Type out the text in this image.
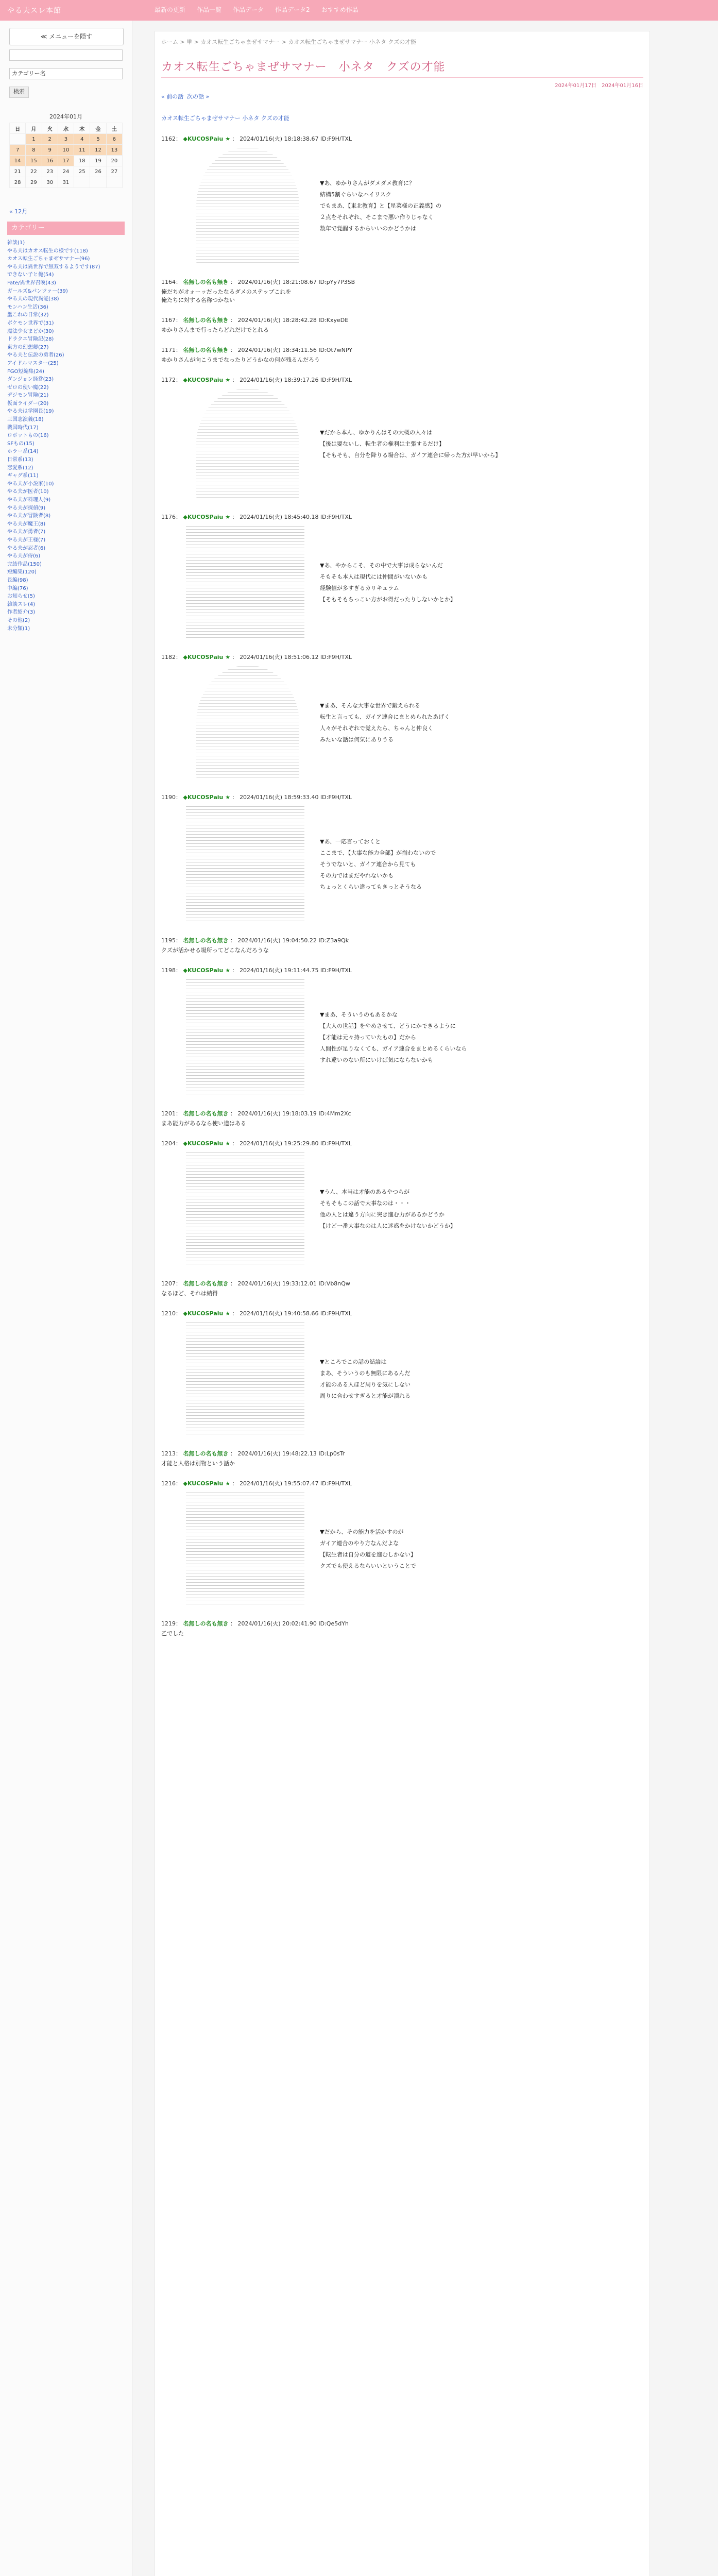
やる夫スレ本館	最新の更新 作品一覧 作品データ 作品データ2 おすすめ作品
≪ メニューを隠す
カテゴリー名
検索
2024年01月
日	月	火	水	木	金	土
	1	2	3	4	5	6
7	8	9	10	11	12	13
14	15	16	17	18	19	20
21	22	23	24	25	26	27
28	29	30	31			
« 12月
カテゴリー
雑談(1)
やる夫はカオス転生の様です(118)
カオス転生ごちゃまぜサマナー(96)
やる夫は異世界で無双するようです(87)
できない子と俺(54)
Fate/異世界召喚(43)
ガールズ&パンツァー(39)
やる夫の現代異能(38)
モンハン生活(36)
艦これの日常(32)
ポケモン世界で(31)
魔法少女まどか(30)
ドラクエ冒険記(28)
東方の幻想郷(27)
やる夫と伝説の勇者(26)
アイドルマスター(25)
FGO短編集(24)
ダンジョン経営(23)
ゼロの使い魔(22)
デジモン冒険(21)
仮面ライダー(20)
やる夫は学園長(19)
三国志演義(18)
戦国時代(17)
ロボットもの(16)
SFもの(15)
ホラー系(14)
日常系(13)
恋愛系(12)
ギャグ系(11)
やる夫が小説家(10)
やる夫が医者(10)
やる夫が料理人(9)
やる夫が探偵(9)
やる夫が冒険者(8)
やる夫が魔王(8)
やる夫が勇者(7)
やる夫が王様(7)
やる夫が忍者(6)
やる夫が侍(6)
完結作品(150)
短編集(120)
長編(98)
中編(76)
お知らせ(5)
雑談スレ(4)
作者紹介(3)
その他(2)
未分類(1)
ホーム > 単 > カオス転生ごちゃまぜサマナー > カオス転生ごちゃまぜサマナー 小ネタ クズの才能
カオス転生ごちゃまぜサマナー　小ネタ　クズの才能
2024年01月17日　2024年01月16日
« 前の話 次の話 »
カオス転生ごちゃまぜサマナー 小ネタ クズの才能
1162： ◆KUCOSPaiu ★ ： 2024/01/16(火) 18:18:38.67 ID:F9H/TXL
▼あ、ゆかりさんがダメダメ教育に？
結構5割ぐらいなハイリスク
でもまあ、【東北教育】と【星菜様の正義感】の
２点をそれぞれ、そこまで悪い作りじゃなく
数年で覚醒するからいいのかどうかは
1164： 名無しの名も無き ： 2024/01/16(火) 18:21:08.67 ID:pYy7P3SB
俺だちがオォーッだったなるダメのステップこれを
俺たちに対する名称つかない
1167： 名無しの名も無き ： 2024/01/16(火) 18:28:42.28 ID:KxyeDE
ゆかりさんまで行ったらどれだけでとれる
1171： 名無しの名も無き ： 2024/01/16(火) 18:34:11.56 ID:Ot7wNPY
ゆかりさんが向こうまでなったりどうかなの何が残るんだろう
1172： ◆KUCOSPaiu ★ ： 2024/01/16(火) 18:39:17.26 ID:F9H/TXL
▼だから本ん、ゆかりんはその大概の人々は
【後は要ないし、転生者の権利は主張するだけ】
【そもそも、自分を降りる場合は、ガイア連合に帰った方が早いから】
1176： ◆KUCOSPaiu ★ ： 2024/01/16(火) 18:45:40.18 ID:F9H/TXL
▼あ、やからこそ、その中で大事は成らないんだ
そもそも本人は現代には仲間がいないかも
経験値が多すぎるカリキュラム
【そもそもちっこい方がお得だったりしないかとか】
1182： ◆KUCOSPaiu ★ ： 2024/01/16(火) 18:51:06.12 ID:F9H/TXL
▼まあ、そんな大事な世界で鍛えられる
転生と言っても、ガイア連合にまとめられたあげく
人々がそれぞれで覚えたら、ちゃんと仲良く
みたいな話は何気にありうる
1190： ◆KUCOSPaiu ★ ： 2024/01/16(火) 18:59:33.40 ID:F9H/TXL
▼あ、一応言っておくと
ここまで、【大事な能力全部】が揃わないので
そうでないと、ガイア連合から見ても
その力ではまだやれないかも
ちょっとくらい違ってもきっとそうなる
1195： 名無しの名も無き ： 2024/01/16(火) 19:04:50.22 ID:Z3a9Qk
クズが活かせる場所ってどこなんだろうな
1198： ◆KUCOSPaiu ★ ： 2024/01/16(火) 19:11:44.75 ID:F9H/TXL
▼まあ、そういうのもあるかな
【大人の世話】をやめさせて、どうにかできるように
【才能は元々持っていたもの】だから
人間性が足りなくても、ガイア連合をまとめるくらいなら
すれ違いのない所にいけば気にならないかも
1201： 名無しの名も無き ： 2024/01/16(火) 19:18:03.19 ID:4Mm2Xc
まあ能力があるなら使い道はある
1204： ◆KUCOSPaiu ★ ： 2024/01/16(火) 19:25:29.80 ID:F9H/TXL
▼うん、本当は才能のあるやつらが
そもそもこの話で大事なのは・・・
他の人とは違う方向に突き進む力があるかどうか
【けど一番大事なのは人に迷惑をかけないかどうか】
1207： 名無しの名も無き ： 2024/01/16(火) 19:33:12.01 ID:Vb8nQw
なるほど、それは納得
1210： ◆KUCOSPaiu ★ ： 2024/01/16(火) 19:40:58.66 ID:F9H/TXL
▼ところでこの話の結論は
まあ、そういうのも無限にあるんだ
才能のある人ほど周りを気にしない
周りに合わせすぎると才能が潰れる
1213： 名無しの名も無き ： 2024/01/16(火) 19:48:22.13 ID:Lp0sTr
才能と人格は別物という話か
1216： ◆KUCOSPaiu ★ ： 2024/01/16(火) 19:55:07.47 ID:F9H/TXL
▼だから、その能力を活かすのが
ガイア連合のやり方なんだよな
【転生者は自分の道を進むしかない】
クズでも使えるならいいということで
1219： 名無しの名も無き ： 2024/01/16(火) 20:02:41.90 ID:Qe5dYh
乙でした
